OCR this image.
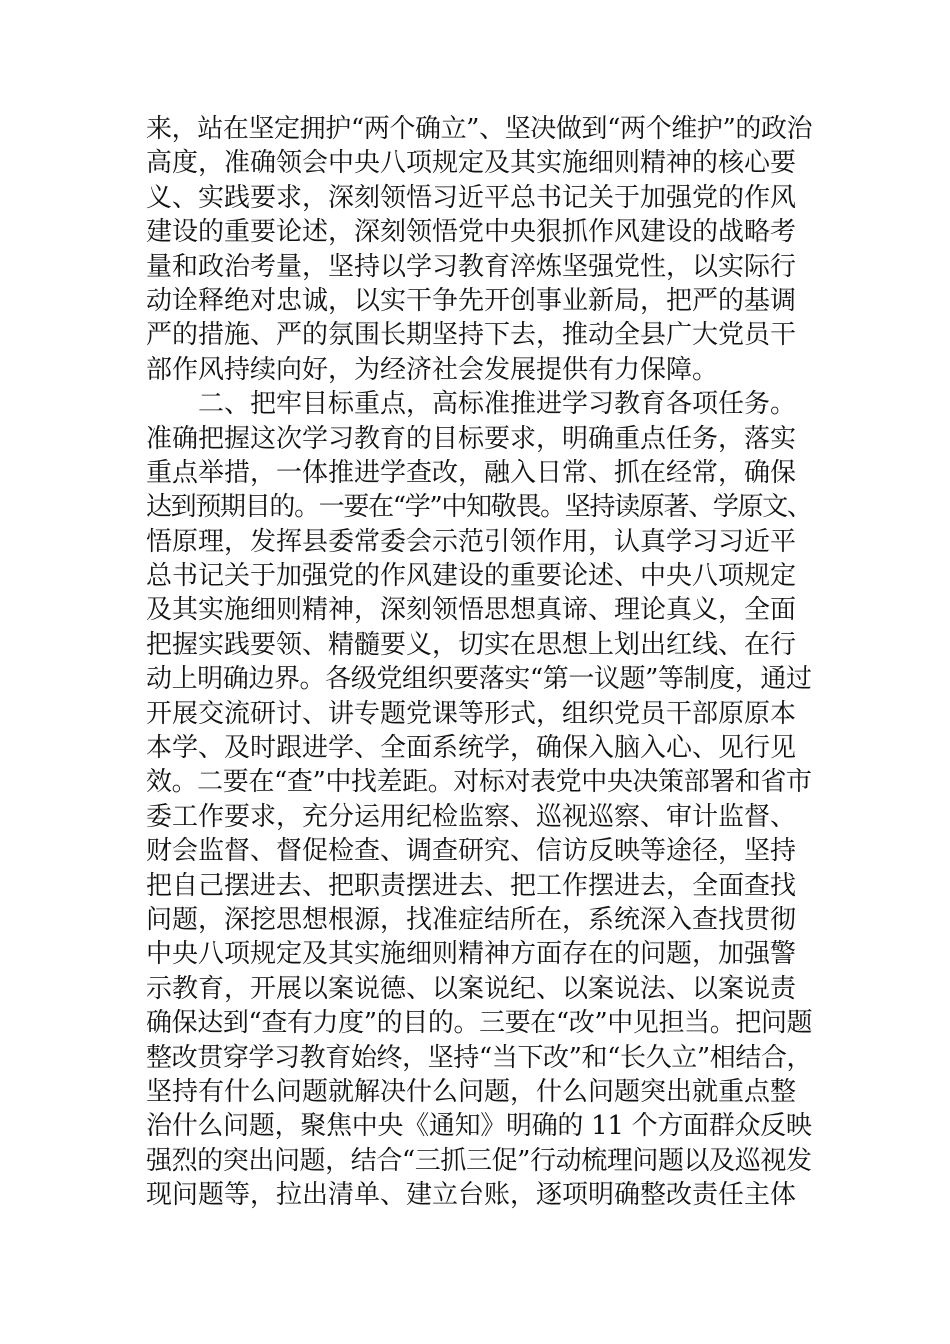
来，站在坚定拥护“两个确立”、坚决做到“两个维护”的政治
高度，准确领会中央八项规定及其实施细则精神的核心要
义、实践要求，深刻领悟习近平总书记关于加强党的作风
建设的重要论述，深刻领悟党中央狠抓作风建设的战略考
量和政治考量，坚持以学习教育淬炼坚强党性，以实际行
动诠释绝对忠诚，以实干争先开创事业新局，把严的基调
严的措施、严的氛围长期坚持下去，推动全县广大党员干
部作风持续向好，为经济社会发展提供有力保障。
二、把牢目标重点，高标准推进学习教育各项任务。
准确把握这次学习教育的目标要求，明确重点任务，落实
重点举措，一体推进学查改，融入日常、抓在经常，确保
达到预期目的。一要在“学”中知敬畏。坚持读原著、学原文、
悟原理，发挥县委常委会示范引领作用，认真学习习近平
总书记关于加强党的作风建设的重要论述、中央八项规定
及其实施细则精神，深刻领悟思想真谛、理论真义，全面
把握实践要领、精髓要义，切实在思想上划出红线、在行
动上明确边界。各级党组织要落实“第一议题”等制度，通过
开展交流研讨、讲专题党课等形式，组织党员干部原原本
本学、及时跟进学、全面系统学，确保入脑入心、见行见
效。二要在“查”中找差距。对标对表党中央决策部署和省市
委工作要求，充分运用纪检监察、巡视巡察、审计监督、
财会监督、督促检查、调查研究、信访反映等途径，坚持
把自己摆进去、把职责摆进去、把工作摆进去，全面查找
问题，深挖思想根源，找准症结所在，系统深入查找贯彻
中央八项规定及其实施细则精神方面存在的问题，加强警
示教育，开展以案说德、以案说纪、以案说法、以案说责
确保达到“查有力度”的目的。三要在“改”中见担当。把问题
整改贯穿学习教育始终，坚持“当下改”和“长久立”相结合，
坚持有什么问题就解决什么问题，什么问题突出就重点整
治什么问题，聚焦中央《通知》明确的 11 个方面群众反映
强烈的突出问题，结合“三抓三促”行动梳理问题以及巡视发
现问题等，拉出清单、建立台账，逐项明确整改责任主体
